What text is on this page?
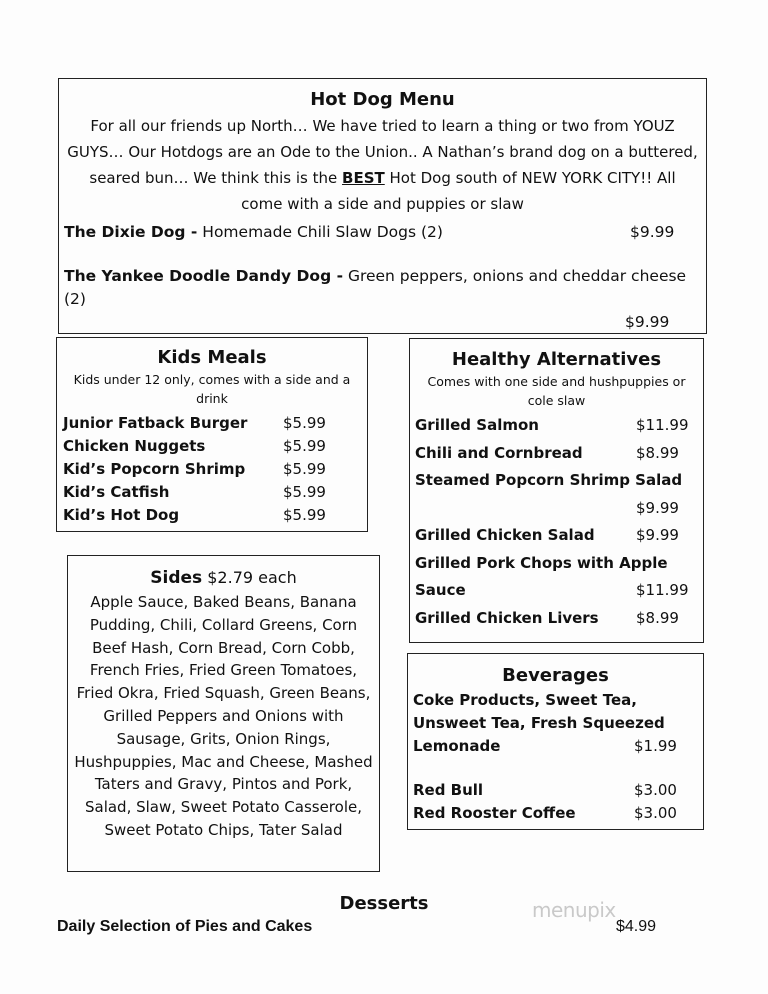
Hot Dog Menu
For all our friends up North… We have tried to learn a thing or two from YOUZ GUYS… Our Hotdogs are an Ode to the Union.. A Nathan’s brand dog on a buttered, seared bun… We think this is the BEST Hot Dog south of NEW YORK CITY!! All come with a side and puppies or slaw
The Dixie Dog - Homemade Chili Slaw Dogs (2)	$9.99
The Yankee Doodle Dandy Dog - Green peppers, onions and cheddar cheese (2)
$9.99
Kids Meals
Kids under 12 only, comes with a side and a drink
Junior Fatback Burger $5.99
Chicken Nuggets	$5.99
Kid’s Popcorn Shrimp	$5.99
Kid’s Catfish	$5.99
Kid’s Hot Dog	$5.99
Healthy Alternatives
Comes with one side and hushpuppies or cole slaw
Grilled Salmon	$11.99
Chili and Cornbread	$8.99
Steamed Popcorn Shrimp Salad
$9.99
Grilled Chicken Salad	$9.99
Grilled Pork Chops with Apple
Sauce	$11.99
Grilled Chicken Livers $8.99
Sides $2.79 each
Apple Sauce, Baked Beans, Banana Pudding, Chili, Collard Greens, Corn Beef Hash, Corn Bread, Corn Cobb, French Fries, Fried Green Tomatoes, Fried Okra, Fried Squash, Green Beans, Grilled Peppers and Onions with Sausage, Grits, Onion Rings, Hushpuppies, Mac and Cheese, Mashed Taters and Gravy, Pintos and Pork, Salad, Slaw, Sweet Potato Casserole, Sweet Potato Chips, Tater Salad
Beverages
Coke Products, Sweet Tea,
Unsweet Tea, Fresh Squeezed
Lemonade	$1.99
Red Bull	$3.00
Red Rooster Coffee	$3.00
Desserts
Daily Selection of Pies and Cakes	$4.99
menupix
